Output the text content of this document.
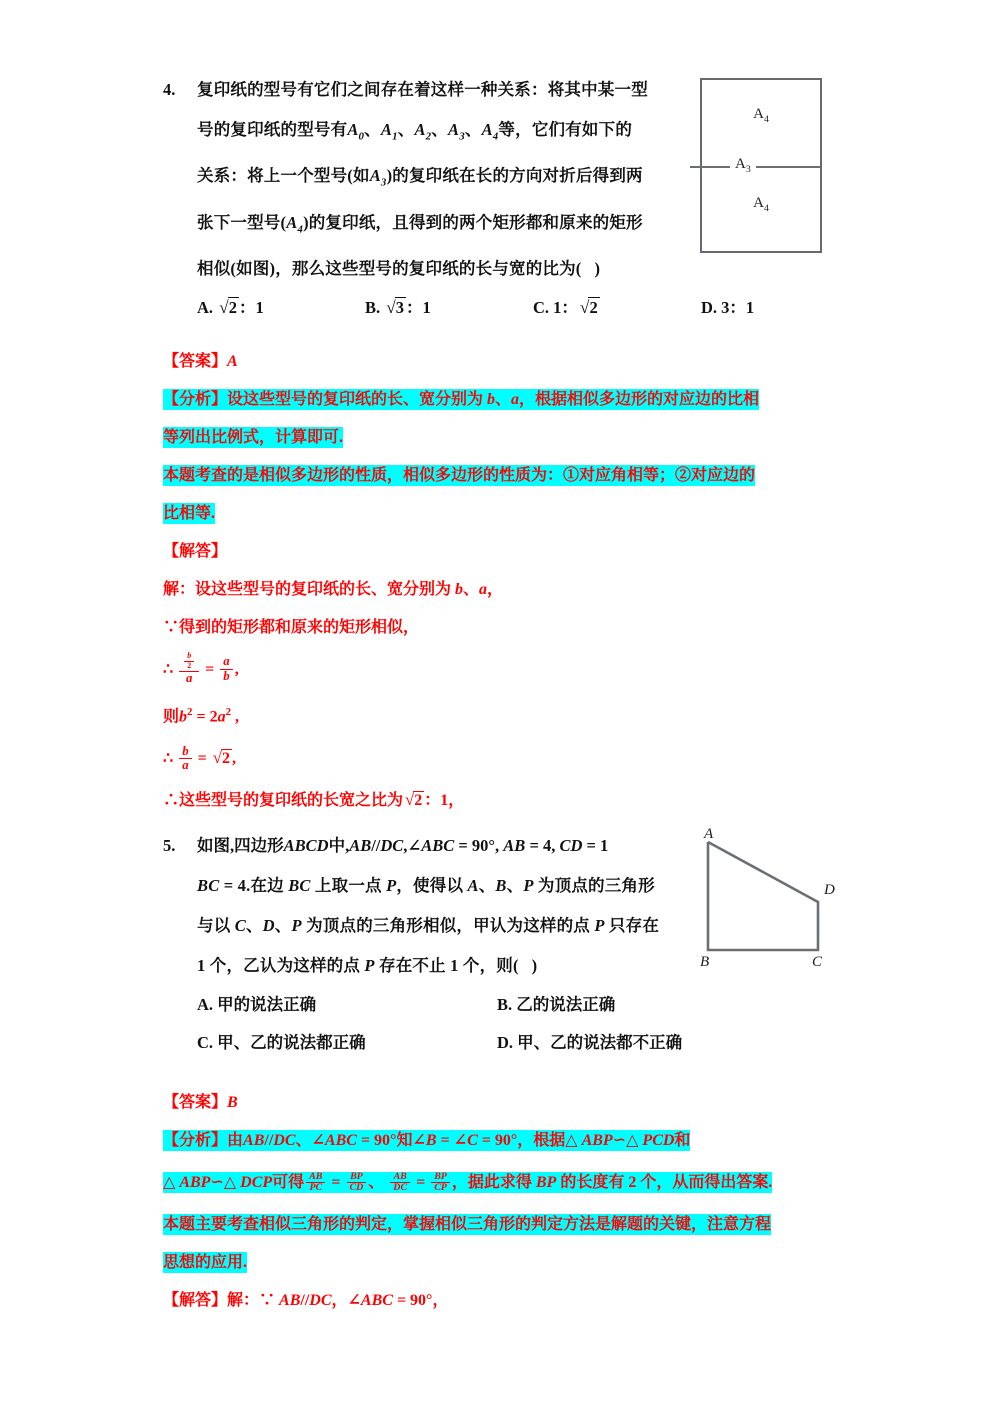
$A_4$
$A_3$
$A_4$
A
B	C
D
4.	复印纸的型号有它们之间存在着这样一种关系：将其中某一型
号的复印纸的型号有$A_0$、$A_1$、$A_2$、$A_3$、$A_4$等，它们有如下的
关系：将上一个型号(如$A_3$)的复印纸在长的方向对折后得到两
张下一型号$(A_4)$的复印纸，且得到的两个矩形都和原来的矩形
相似(如图)，那么这些型号的复印纸的长与宽的比为(   )
A. √2 ：1	B. √3 ：1	C. 1： √2	D. 3：1
【答案】A
【分析】设这些型号的复印纸的长、宽分别为 b、a，根据相似多边形的对应边的比相
等列出比例式，计算即可.
本题考查的是相似多边形的性质，相似多边形的性质为：①对应角相等；②对应边的
比相等.
【解答】
解：设这些型号的复印纸的长、宽分别为 b、a，
∵得到的矩形都和原来的矩形相似，
∴ $\frac{\frac{b}{2}}{a} = \frac{a}{b}$ ,
则$b^2 = 2a^2$ ,
∴ $\frac{b}{a} = √2$ ,
∴这些型号的复印纸的长宽之比为 √2 ：1，
5.	如图,四边形ABCD中,AB//DC,∠ABC = 90°, AB = 4, CD = 1
BC = 4.在边 BC 上取一点 P，使得以 A、B、P 为顶点的三角形
与以 C、D、P 为顶点的三角形相似，甲认为这样的点 P 只存在
1 个，乙认为这样的点 P 存在不止 1 个，则(   )
A. 甲的说法正确	B. 乙的说法正确
C. 甲、乙的说法都正确	D. 甲、乙的说法都不正确
【答案】B
【分析】由AB//DC、∠ABC = 90°知∠B = ∠C = 90°，根据△ ABP∽△ PCD和
△ ABP∽△ DCP可得 $\frac{AB}{PC} = \frac{BP}{CD}$ 、 $\frac{AB}{DC} = \frac{BP}{CP}$ ，据此求得 BP 的长度有 2 个，从而得出答案.
本题主要考查相似三角形的判定，掌握相似三角形的判定方法是解题的关键，注意方程
思想的应用.
【解答】解：∵ AB//DC，∠ABC = 90°，
